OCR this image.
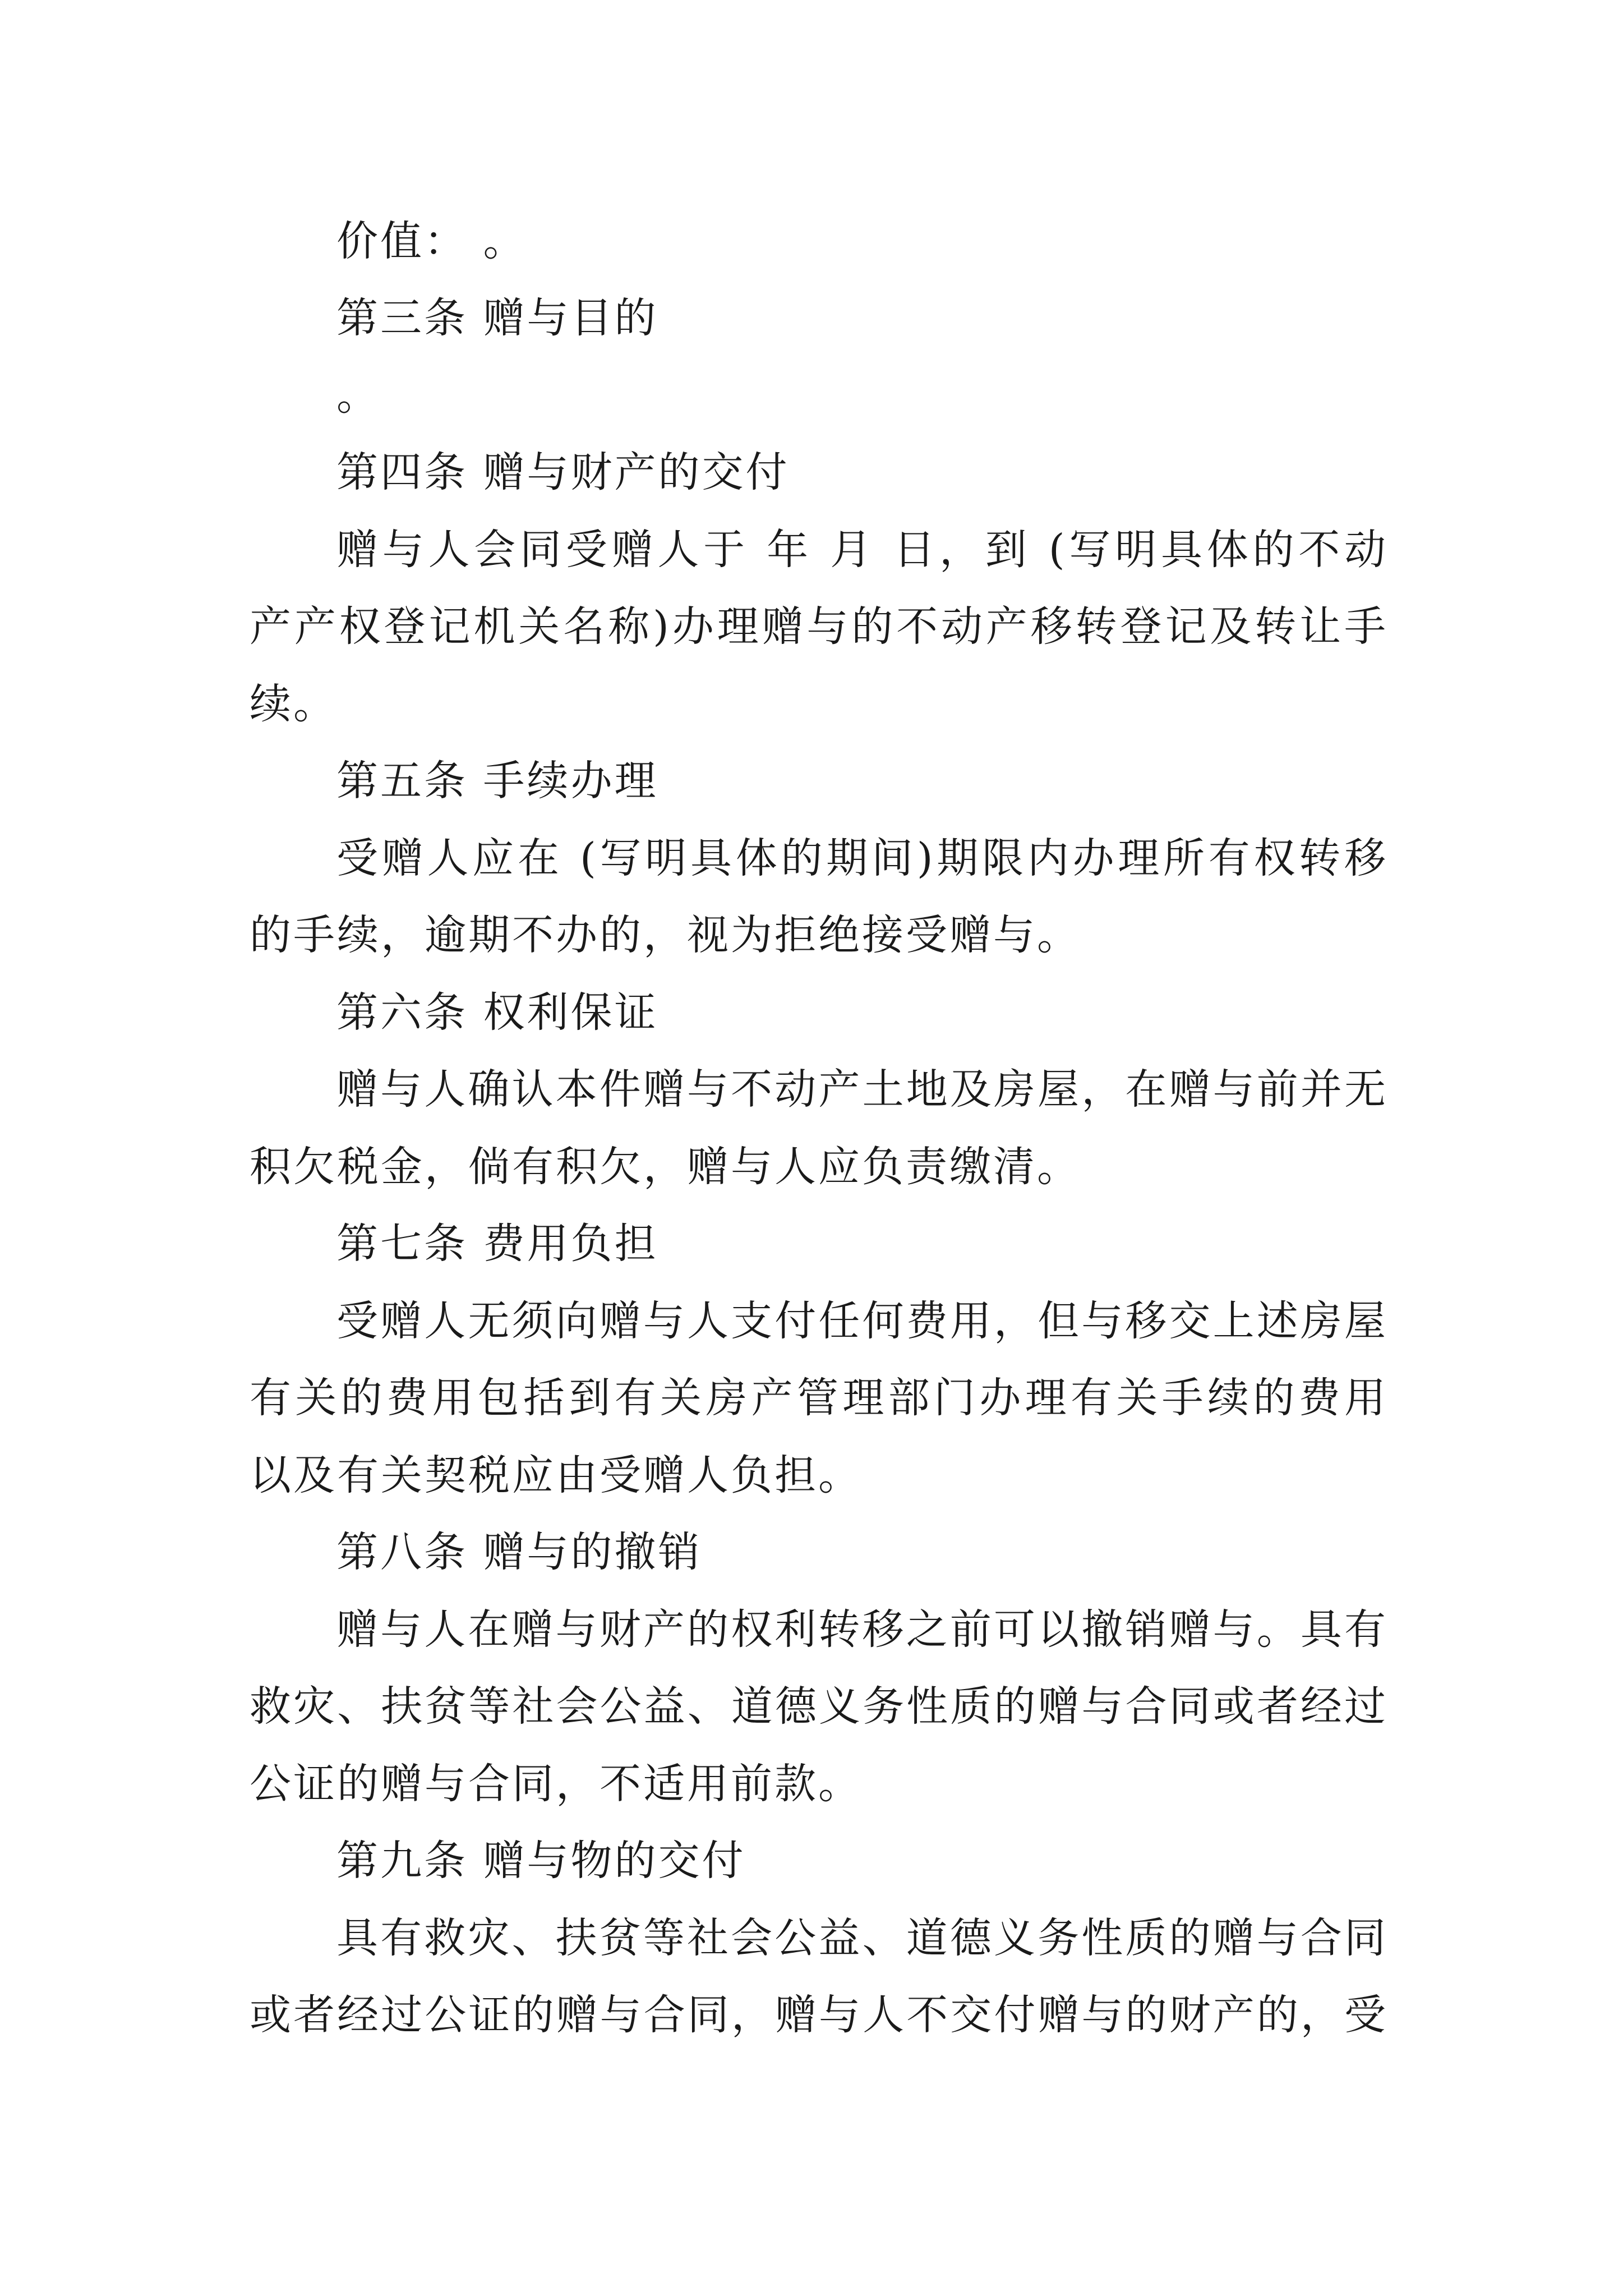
价值： 。
第三条 赠与目的
。
第四条 赠与财产的交付
赠与人会同受赠人于 年 月 日，到 (写明具体的不动
产产权登记机关名称)办理赠与的不动产移转登记及转让手
续。
第五条 手续办理
受赠人应在 (写明具体的期间)期限内办理所有权转移
的手续，逾期不办的，视为拒绝接受赠与。
第六条 权利保证
赠与人确认本件赠与不动产土地及房屋，在赠与前并无
积欠税金，倘有积欠，赠与人应负责缴清。
第七条 费用负担
受赠人无须向赠与人支付任何费用，但与移交上述房屋
有关的费用包括到有关房产管理部门办理有关手续的费用
以及有关契税应由受赠人负担。
第八条 赠与的撤销
赠与人在赠与财产的权利转移之前可以撤销赠与。具有
救灾、扶贫等社会公益、道德义务性质的赠与合同或者经过
公证的赠与合同，不适用前款。
第九条 赠与物的交付
具有救灾、扶贫等社会公益、道德义务性质的赠与合同
或者经过公证的赠与合同，赠与人不交付赠与的财产的，受
